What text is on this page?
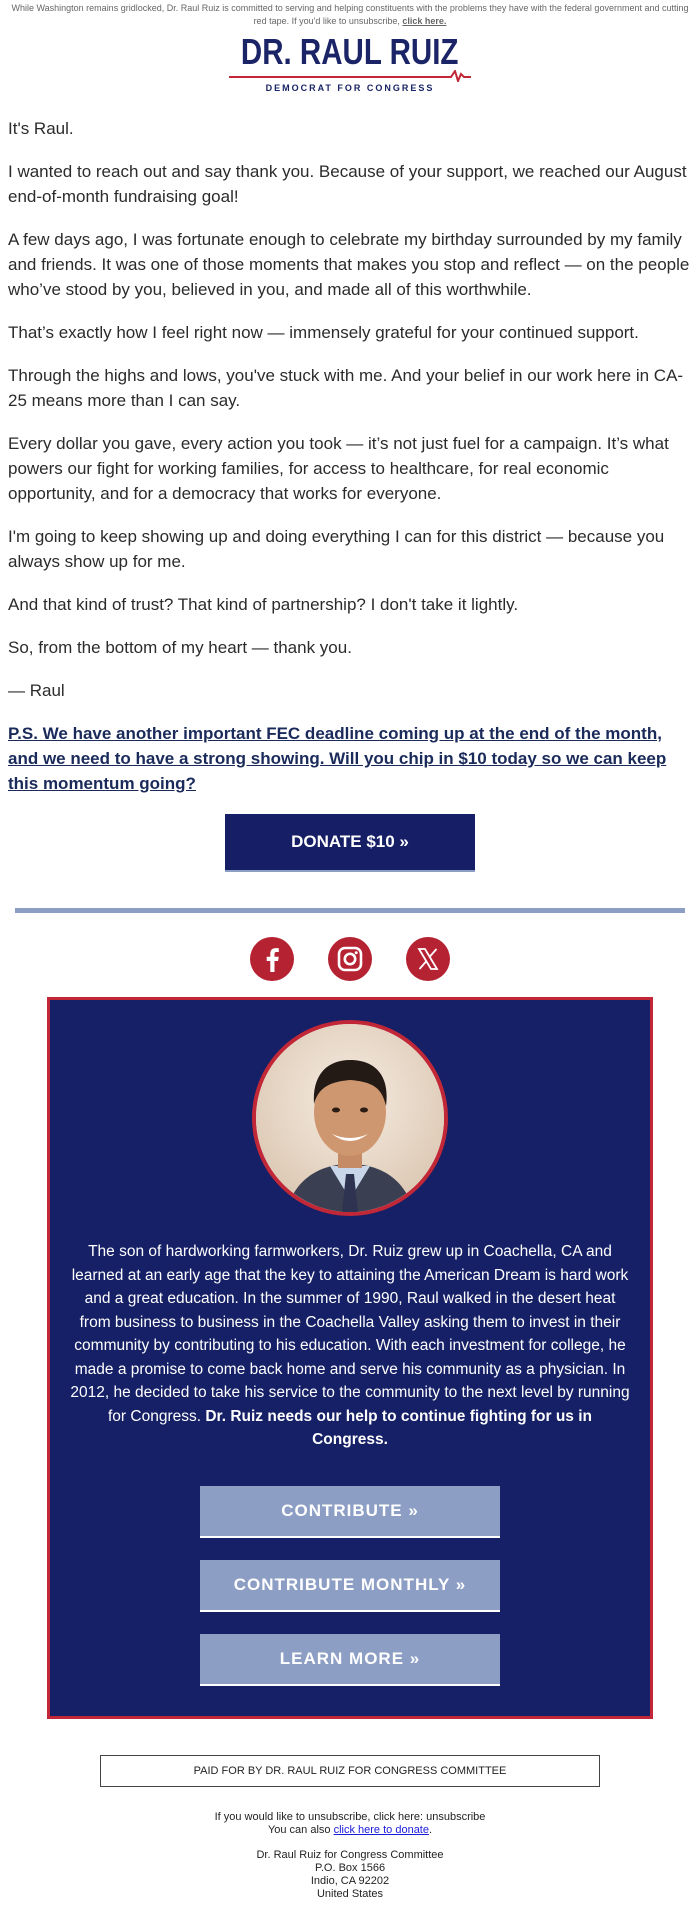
While Washington remains gridlocked, Dr. Raul Ruiz is committed to serving and helping constituents with the problems they have with the federal government and cutting red tape. If you'd like to unsubscribe, click here.
DR. RAUL RUIZ
DEMOCRAT FOR CONGRESS

It's Raul.

I wanted to reach out and say thank you. Because of your support, we reached our August end-of-month fundraising goal!

A few days ago, I was fortunate enough to celebrate my birthday surrounded by my family and friends. It was one of those moments that makes you stop and reflect — on the people who’ve stood by you, believed in you, and made all of this worthwhile.

That’s exactly how I feel right now — immensely grateful for your continued support.

Through the highs and lows, you've stuck with me. And your belief in our work here in CA-25 means more than I can say.

Every dollar you gave, every action you took — it’s not just fuel for a campaign. It’s what powers our fight for working families, for access to healthcare, for real economic opportunity, and for a democracy that works for everyone.

I'm going to keep showing up and doing everything I can for this district — because you always show up for me.

And that kind of trust? That kind of partnership? I don't take it lightly.

So, from the bottom of my heart — thank you.

— Raul

P.S. We have another important FEC deadline coming up at the end of the month, and we need to have a strong showing. Will you chip in $10 today so we can keep this momentum going?

DONATE $10 »

The son of hardworking farmworkers, Dr. Ruiz grew up in Coachella, CA and learned at an early age that the key to attaining the American Dream is hard work and a great education. In the summer of 1990, Raul walked in the desert heat from business to business in the Coachella Valley asking them to invest in their community by contributing to his education. With each investment for college, he made a promise to come back home and serve his community as a physician. In 2012, he decided to take his service to the community to the next level by running for Congress. Dr. Ruiz needs our help to continue fighting for us in Congress.
CONTRIBUTE »
CONTRIBUTE MONTHLY »
LEARN MORE »
PAID FOR BY DR. RAUL RUIZ FOR CONGRESS COMMITTEE

If you would like to unsubscribe, click here: unsubscribe

You can also click here to donate.

Dr. Raul Ruiz for Congress Committee

P.O. Box 1566

Indio, CA 92202

United States
